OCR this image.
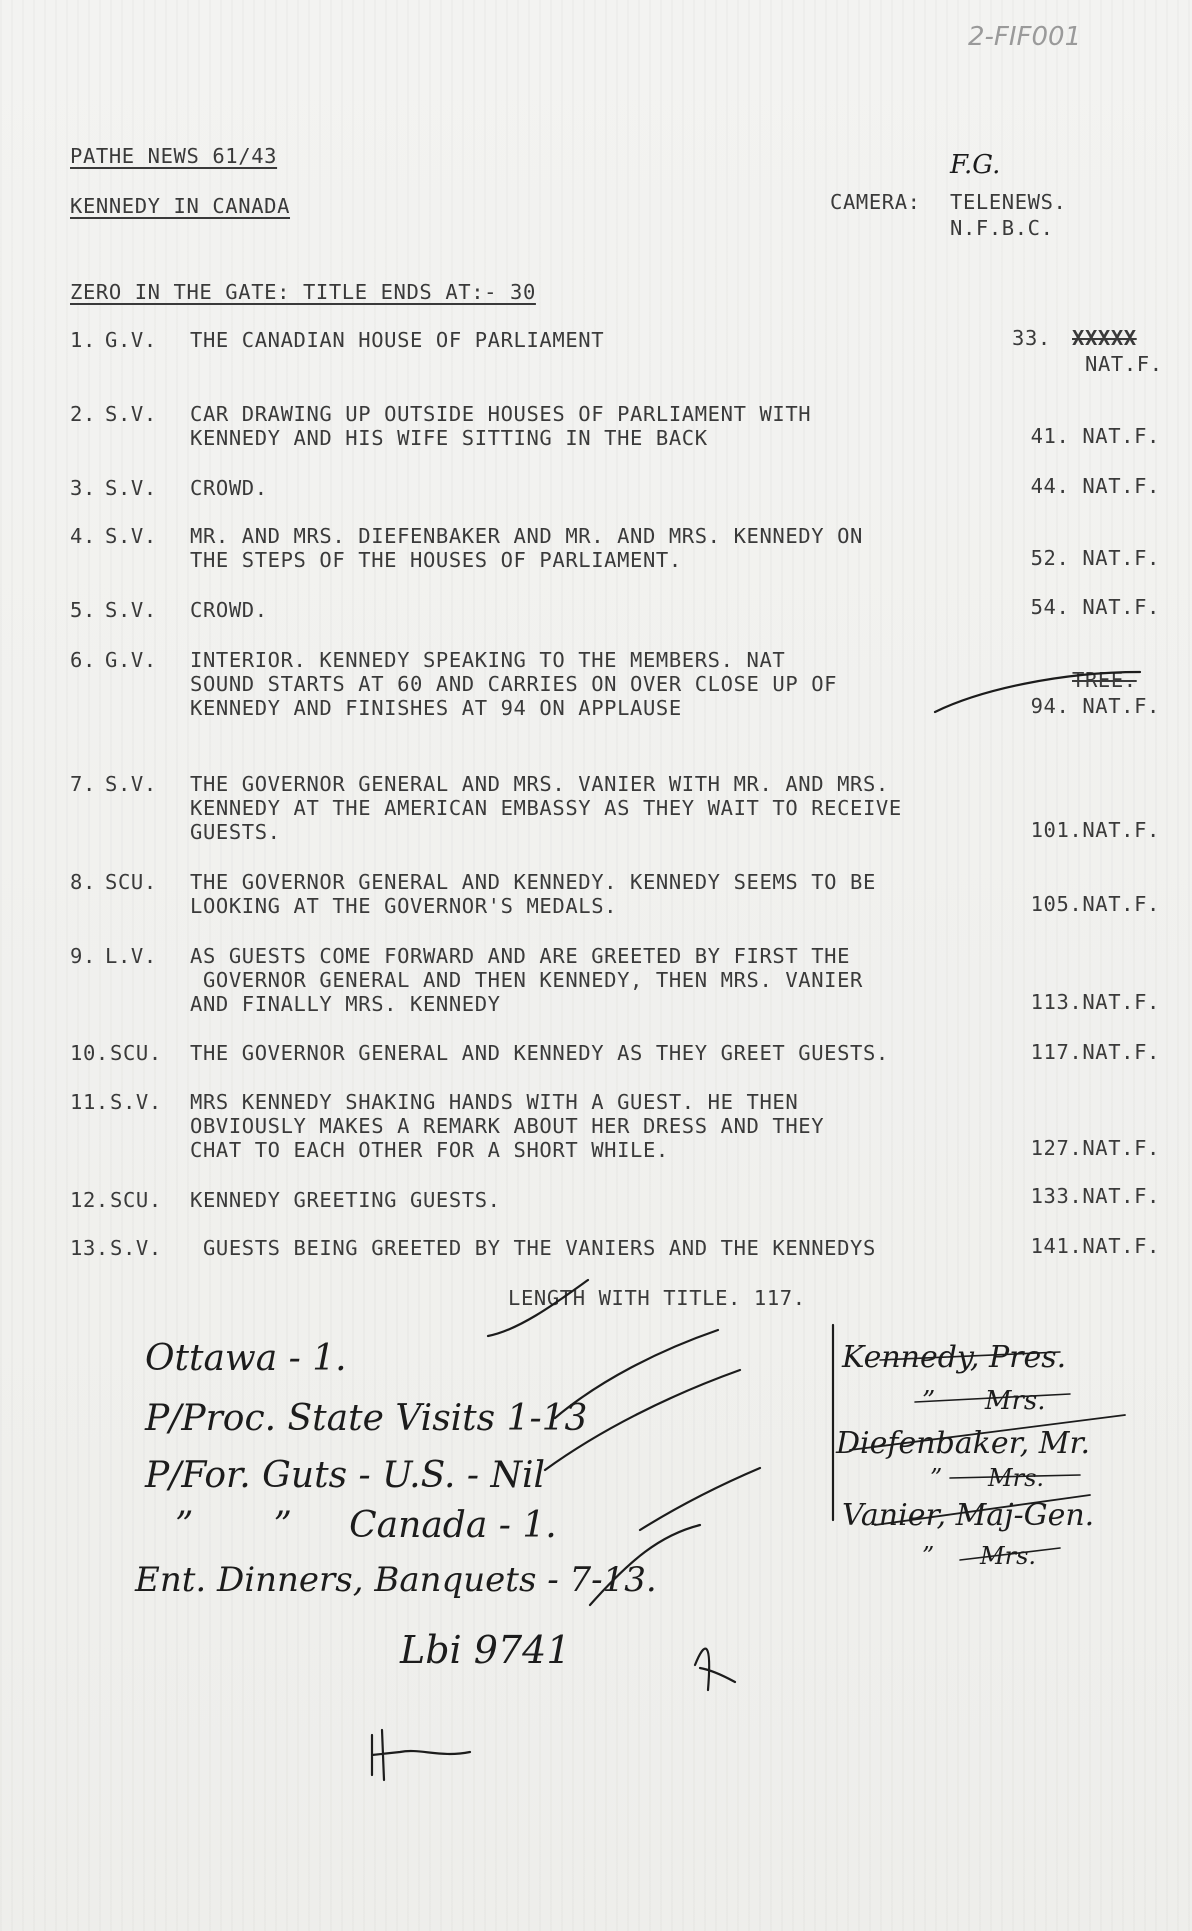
2-FIF001
PATHE NEWS 61/43
KENNEDY IN CANADA
F.G.
CAMERA: TELENEWS.
N.F.B.C.
ZERO IN THE GATE: TITLE ENDS AT:- 30
1. G.V. THE CANADIAN HOUSE OF PARLIAMENT	33. XXXXX
NAT.F.
2. S.V. CAR DRAWING UP OUTSIDE HOUSES OF PARLIAMENT WITH
KENNEDY AND HIS WIFE SITTING IN THE BACK	41. NAT.F.
3. S.V. CROWD.	44. NAT.F.
4. S.V. MR. AND MRS. DIEFENBAKER AND MR. AND MRS. KENNEDY ON
THE STEPS OF THE HOUSES OF PARLIAMENT.	52. NAT.F.
5. S.V. CROWD.	54. NAT.F.
6. G.V. INTERIOR. KENNEDY SPEAKING TO THE MEMBERS. NAT
SOUND STARTS AT 60 AND CARRIES ON OVER CLOSE UP OF
KENNEDY AND FINISHES AT 94 ON APPLAUSE
TREE.
94. NAT.F.
7. S.V. THE GOVERNOR GENERAL AND MRS. VANIER WITH MR. AND MRS.
KENNEDY AT THE AMERICAN EMBASSY AS THEY WAIT TO RECEIVE
GUESTS.	101.NAT.F.
8. SCU. THE GOVERNOR GENERAL AND KENNEDY. KENNEDY SEEMS TO BE
LOOKING AT THE GOVERNOR'S MEDALS.	105.NAT.F.
9. L.V. AS GUESTS COME FORWARD AND ARE GREETED BY FIRST THE
GOVERNOR GENERAL AND THEN KENNEDY, THEN MRS. VANIER
AND FINALLY MRS. KENNEDY	113.NAT.F.
10. SCU. THE GOVERNOR GENERAL AND KENNEDY AS THEY GREET GUESTS.	117.NAT.F.
11. S.V. MRS KENNEDY SHAKING HANDS WITH A GUEST. HE THEN
OBVIOUSLY MAKES A REMARK ABOUT HER DRESS AND THEY
CHAT TO EACH OTHER FOR A SHORT WHILE.	127.NAT.F.
12. SCU. KENNEDY GREETING GUESTS.	133.NAT.F.
13. S.V. GUESTS BEING GREETED BY THE VANIERS AND THE KENNEDYS	141.NAT.F.
LENGTH WITH TITLE. 117.
Ottawa - 1.
P/Proc. State Visits 1-13
P/For. Guts - U.S. - Nil
”       ”     Canada - 1.
Ent. Dinners, Banquets - 7-13.
Lbi 9741
Kennedy, Pres.
”      Mrs.
Diefenbaker, Mr.
”      Mrs.
Vanier, Maj-Gen.
”      Mrs.
